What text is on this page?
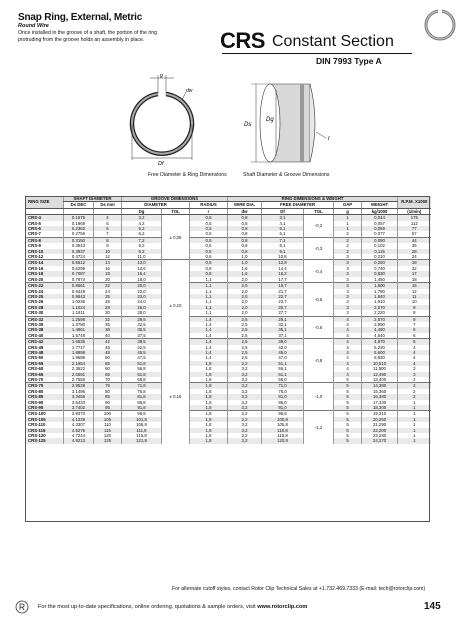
Snap Ring, External, Metric
Round Wire
Once installed in the groove of a shaft, the portion of the ring protruding from the groove holds an assembly in place.	CRS Constant Section
DIN 7993 Type A
g
dw
Df
Ds
Dg
r
Free Diameter & Ring Dimensions	Shaft Diameter & Groove Dimensions
RING SIZE	SHAFT DIAMETER		GROOVE DIMENSIONS			RING DIMENSIONS & WEIGHT					R.P.M. X1000
	Ds DEC	Ds mm	DIAMETER		RADIUS	WIRE DIA.	FREE DIAMETER		GAP	WEIGHT	
			Dg	TOL	r	dw	Df	TOL	g	kg/1000	(1/min)
CRS-4	0.1575	4	3,2	± 0,05	0,5	0,8	3,1	-0,2	1	0,044	175
CRS-5	0.1969	5	4,2		0,5	0,8	4,1		1	0,057	112
CRS-6	0.2362	6	5,2		0,5	0,8	5,1		1	0,069	77
CRS-7	0.2756	7	6,2		0,5	0,8	6,1		2	0,077	57
CRS-8	0.3150	8	7,2		0,5	0,8	7,1	-0,3	2	0,090	44
CRS-9	0.3543	9	8,2		0,5	0,8	8,1		2	0,102	35
CRS-10	0.3937	10	9,2		0,5	0,8	9,1		2	0,115	28
CRS-12	0.4724	12	11,0		0,6	1,0	10,8		3	0,210	24
CRS-14	0.5512	14	13,0	± 0,10	0,6	1,0	12,8	-0,4	3	0,250	18
CRS-16	0.6299	16	14,6		0,8	1,6	14,4		3	0,740	22
CRS-18	0.7087	18	16,4		0,8	1,6	16,2		3	0,830	17
CRS-20	0.7874	20	18,0		1,1	2,0	17,7		3	1,450	18
CRS-22	0.8661	22	20,0		1,1	2,0	19,7	-0,5	3	1,600	15
CRS-24	0.9449	24	22,0		1,1	2,0	21,7		3	1,780	12
CRS-25	0.9843	25	23,0		1,1	2,0	22,7		3	1,840	11
CRS-26	1.0236	26	24,0		1,1	2,0	23,7		3	1,910	10
CRS-28	1.1024	28	26,0		1,1	2,0	25,7		3	2,070	9
CRS-30	1.1811	30	28,0		1,1	2,0	27,7		3	2,220	8
CRS-32	1.2598	32	29,5		1,4	2,5	29,1	-0,6	4	2,670	9
CRS-35	1.3780	35	32,5		1,4	2,5	32,1		4	3,990	7
CRS-38	1.4961	38	35,5		1,4	2,5	35,1		4	4,490	6
CRS-40	1.5748	40	37,5		1,4	2,5	37,1		4	4,640	6
CRS-42	1.6535	42	39,5		1,4	2,5	39,0	-0,8	4	4,870	5
CRS-45	1.7717	45	42,5		1,4	2,5	42,0		4	5,230	4
CRS-48	1.8898	48	45,5	± 0,15	1,4	2,5	45,0		4	5,600	4
CRS-50	1.9685	50	47,5		1,4	2,5	47,0		4	5,830	4
CRS-55	2.1654	55	51,8		1,8	3,2	51,1		4	10,510	4
CRS-60	2.3622	60	56,8		1,8	3,2	56,1		4	11,500	3
CRS-65	2.5591	65	61,8		1,8	3,2	61,1		4	12,490	3
CRS-70	2.7559	70	66,8		1,8	3,2	66,0		5	13,400	2
CRS-75	2.9528	75	71,8		1,8	3,2	71,0	-1,0	5	14,380	2
CRS-80	3.1496	80	76,8		1,8	3,2	76,0		5	15,360	2
CRS-85	3.3465	85	81,8		1,8	3,2	81,0		5	16,380	2
CRS-90	3.5433	90	86,8		1,8	3,2	86,0		5	17,330	1
CRS-95	3.7402	95	91,8		1,8	3,2	91,0		5	18,300	1
CRS-100	3.9370	100	96,8		1,8	3,2	95,8	-1,2	5	19,310	1
CRS-105	4.1339	105	101,8		1,8	3,2	100,8		5	20,250	1
CRS-110	4.3307	110	106,8		1,8	3,2	105,8		5	21,290	1
CRS-115	4.5276	115	111,8		1,8	3,2	110,8		5	22,200	1
CRS-120	4.7244	120	116,8		1,8	3,2	115,8		5	23,280	1
CRS-125	4.9213	125	121,8		1,8	3,2	120,8		5	24,270	1
For alternate cutoff styles, contact Rotor Clip Technical Sales at +1.732.469.7333 (E-mail: tech@rotorclip.com)
For the most up-to-date specifications, online ordering, quotations & sample orders, visit www.rotorclip.com	145
